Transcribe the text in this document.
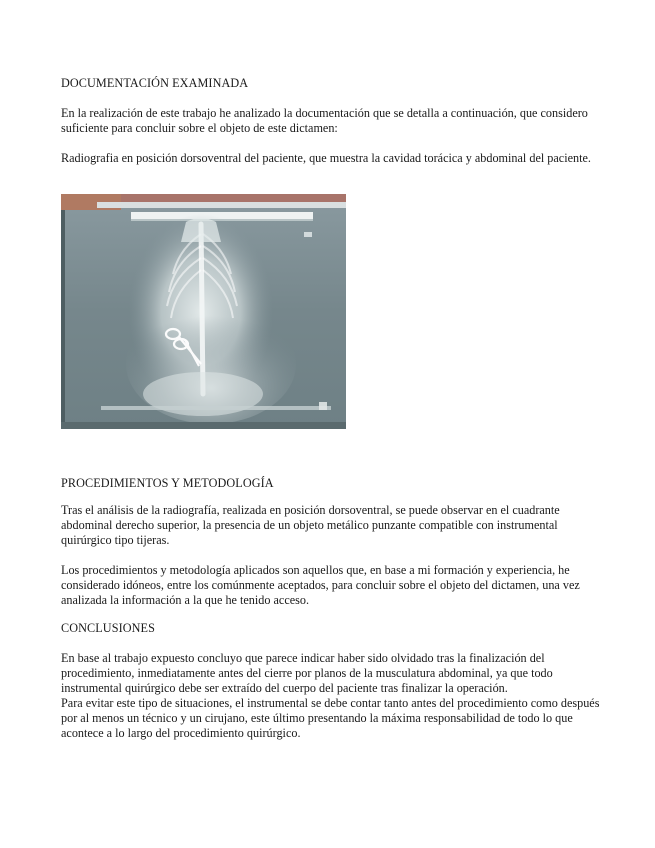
DOCUMENTACIÓN EXAMINADA

En la realización de este trabajo he analizado la documentación que se detalla a continuación, que considero suficiente para concluir sobre el objeto de este dictamen:

Radiografia en posición dorsoventral del paciente, que muestra la cavidad torácica y abdominal del paciente.

PROCEDIMIENTOS Y METODOLOGÍA

Tras el análisis de la radiografía, realizada en posición dorsoventral, se puede observar en el cuadrante abdominal derecho superior, la presencia de un objeto metálico punzante compatible con instrumental quirúrgico tipo tijeras.

Los procedimientos y metodología aplicados son aquellos que, en base a mi formación y experiencia, he considerado idóneos, entre los comúnmente aceptados, para concluir sobre el objeto del dictamen, una vez analizada la información a la que he tenido acceso.

CONCLUSIONES

En base al trabajo expuesto concluyo que parece indicar haber sido olvidado tras la finalización del procedimiento, inmediatamente antes del cierre por planos de la musculatura abdominal, ya que todo instrumental quirúrgico debe ser extraído del cuerpo del paciente tras finalizar la operación.

Para evitar este tipo de situaciones, el instrumental se debe contar tanto antes del procedimiento como después por al menos un técnico y un cirujano, este último presentando la máxima responsabilidad de todo lo que acontece a lo largo del procedimiento quirúrgico.
